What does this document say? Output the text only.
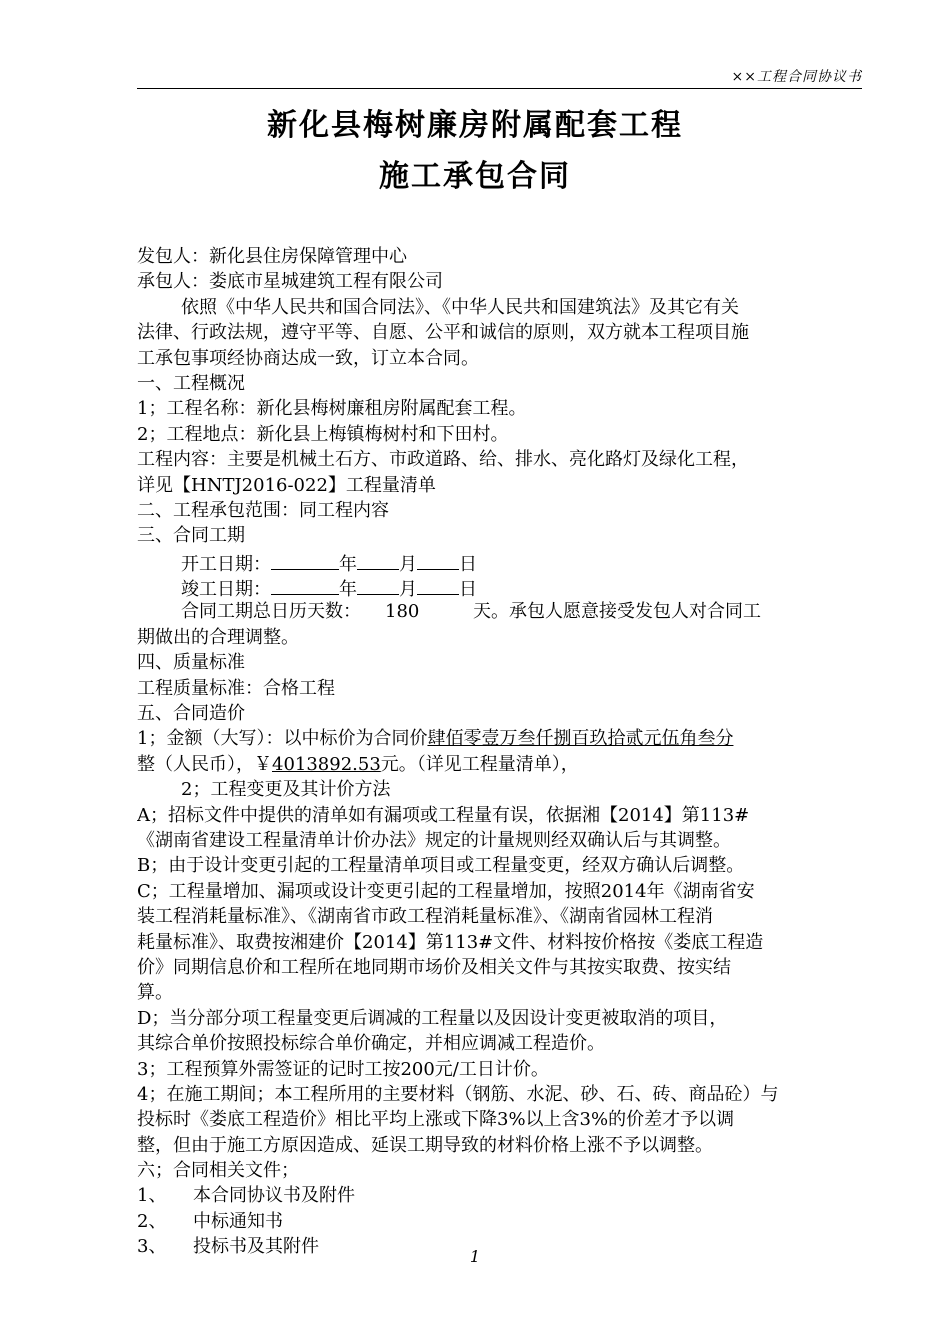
××工程合同协议书
新化县梅树廉房附属配套工程
施工承包合同
发包人：新化县住房保障管理中心
承包人：娄底市星城建筑工程有限公司
依照《中华人民共和国合同法》、《中华人民共和国建筑法》及其它有关
法律、行政法规，遵守平等、自愿、公平和诚信的原则，双方就本工程项目施
工承包事项经协商达成一致，订立本合同。
一、工程概况
1；工程名称：新化县梅树廉租房附属配套工程。
2；工程地点：新化县上梅镇梅树村和下田村。
工程内容：主要是机械土石方、市政道路、给、排水、亮化路灯及绿化工程，
详见【HNTJ2016-022】工程量清单
二、工程承包范围：同工程内容
三、合同工期
开工日期：	年 月 日
竣工日期：	年 月 日
合同工期总日历天数： 180	天。承包人愿意接受发包人对合同工
期做出的合理调整。
四、质量标准
工程质量标准：合格工程
五、合同造价
1；金额（大写）：以中标价为合同价肆佰零壹万叁仟捌百玖拾贰元伍角叁分
整（人民币），￥4013892.53元。（详见工程量清单），
2；工程变更及其计价方法
A；招标文件中提供的清单如有漏项或工程量有误，依据湘【2014】第113#
《湖南省建设工程量清单计价办法》规定的计量规则经双确认后与其调整。
B；由于设计变更引起的工程量清单项目或工程量变更，经双方确认后调整。
C；工程量增加、漏项或设计变更引起的工程量增加，按照2014年《湖南省安
装工程消耗量标准》、《湖南省市政工程消耗量标准》、《湖南省园林工程消
耗量标准》、取费按湘建价【2014】第113#文件、材料按价格按《娄底工程造
价》同期信息价和工程所在地同期市场价及相关文件与其按实取费、按实结
算。
D；当分部分项工程量变更后调减的工程量以及因设计变更被取消的项目，
其综合单价按照投标综合单价确定，并相应调减工程造价。
3；工程预算外需签证的记时工按200元/工日计价。
4；在施工期间；本工程所用的主要材料（钢筋、水泥、砂、石、砖、商品砼）与
投标时《娄底工程造价》相比平均上涨或下降3%以上含3%的价差才予以调
整，但由于施工方原因造成、延误工期导致的材料价格上涨不予以调整。
六；合同相关文件；
1、 本合同协议书及附件
2、 中标通知书
3、 投标书及其附件	1
